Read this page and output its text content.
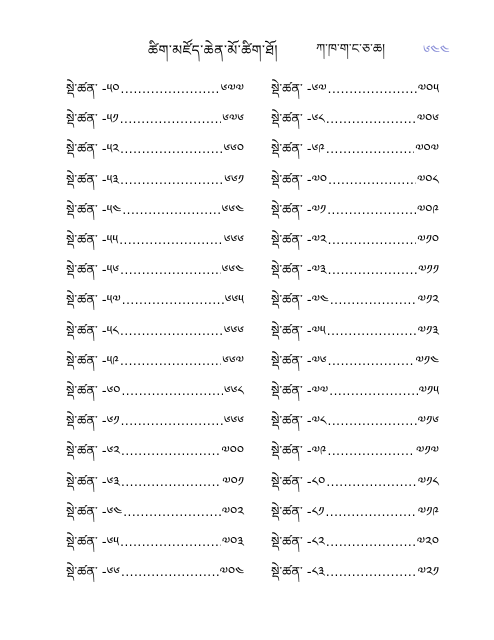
ཚིག་མཛོད་ཆེན་མོ་ཚིག་ཐོ།	ཀ་ཁ་ག་ང་ཅ་ཆ།	༦༤༤
སྡེ་ཚན་ -༥༠ .....	༦༧༧
སྡེ་ཚན་ -༥༡ .....	༦༧༦
སྡེ་ཚན་ -༥༢ .....	༦༦༠
སྡེ་ཚན་ -༥༣ .....	༦༦༡
སྡེ་ཚན་ -༥༤ .....	༦༦༤
སྡེ་ཚན་ -༥༥ .....	༦༦༦
སྡེ་ཚན་ -༥༦ .....	༦༦༤
སྡེ་ཚན་ -༥༧ .....	༦༦༥
སྡེ་ཚན་ -༥༨ .....	༦༦༦
སྡེ་ཚན་ -༥༩ .....	༦༦༧
སྡེ་ཚན་ -༦༠ .....	༦༦༨
སྡེ་ཚན་ -༦༡ .....	༦༦༦
སྡེ་ཚན་ -༦༢ .....	༧༠༠
སྡེ་ཚན་ -༦༣ .....	༧༠༡
སྡེ་ཚན་ -༦༤ .....	༧༠༢
སྡེ་ཚན་ -༦༥ .....	༧༠༣
སྡེ་ཚན་ -༦༦ .....	༧༠༤
སྡེ་ཚན་ -༦༧ .....	༧༠༥
སྡེ་ཚན་ -༦༨ .....	༧༠༦
སྡེ་ཚན་ -༦༩ .....	༧༠༧
སྡེ་ཚན་ -༧༠ .....	༧༠༨
སྡེ་ཚན་ -༧༡ .....	༧༠༩
སྡེ་ཚན་ -༧༢ .....	༧༡༠
སྡེ་ཚན་ -༧༣ .....	༧༡༡
སྡེ་ཚན་ -༧༤ .....	༧༡༢
སྡེ་ཚན་ -༧༥ .....	༧༡༣
སྡེ་ཚན་ -༧༦ .....	༧༡༤
སྡེ་ཚན་ -༧༧ .....	༧༡༥
སྡེ་ཚན་ -༧༨ .....	༧༡༦
སྡེ་ཚན་ -༧༩ .....	༧༡༧
སྡེ་ཚན་ -༨༠ .....	༧༡༨
སྡེ་ཚན་ -༨༡ .....	༧༡༩
སྡེ་ཚན་ -༨༢ .....	༧༢༠
སྡེ་ཚན་ -༨༣ .....	༧༢༡
